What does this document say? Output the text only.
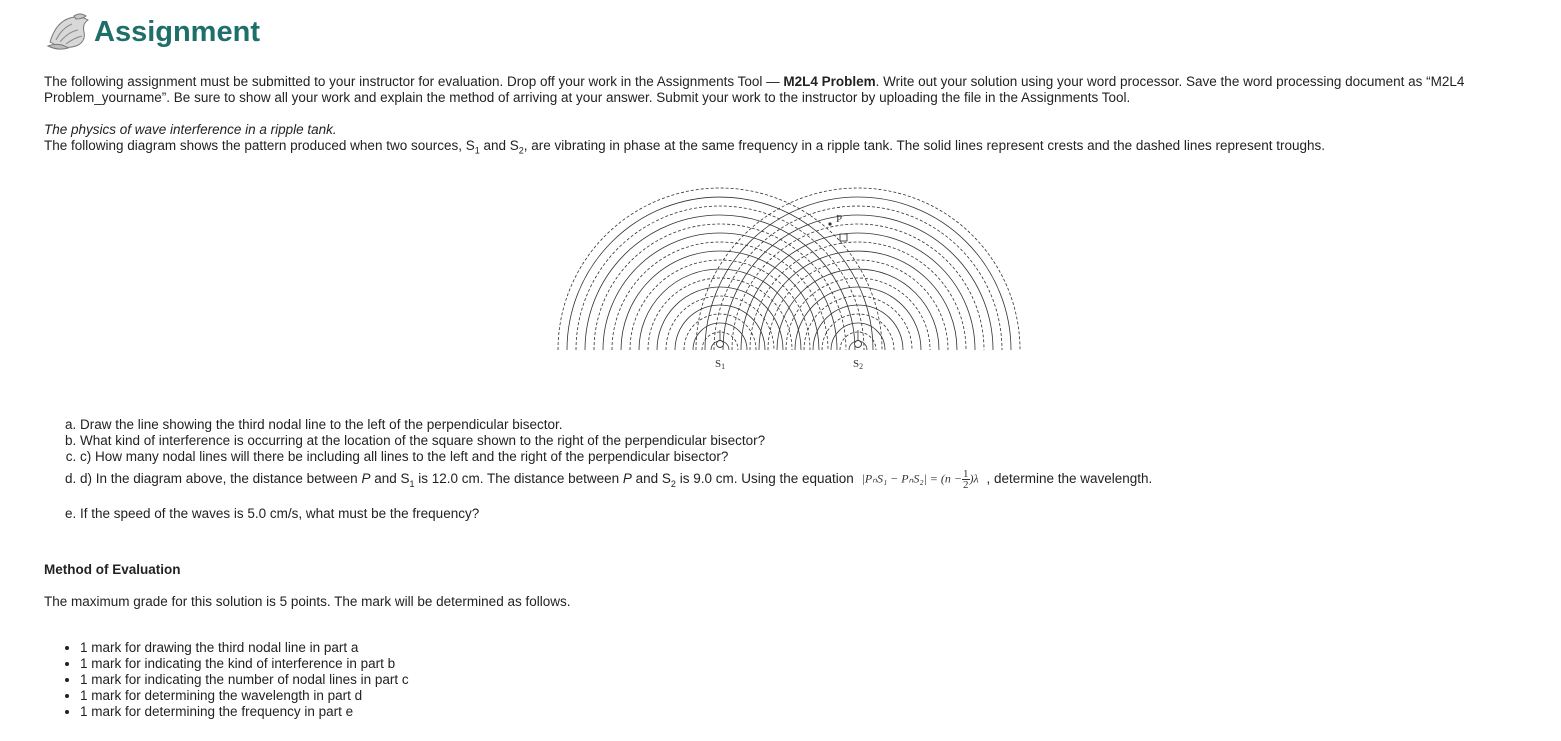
Assignment

The following assignment must be submitted to your instructor for evaluation. Drop off your work in the Assignments Tool — M2L4 Problem. Write out your solution using your word processor. Save the word processing document as “M2L4 Problem_yourname”. Be sure to show all your work and explain the method of arriving at your answer. Submit your work to the instructor by uploading the file in the Assignments Tool.

The physics of wave interference in a ripple tank.
The following diagram shows the pattern produced when two sources, $S_1$ and $S_2$, are vibrating in phase at the same frequency in a ripple tank. The solid lines represent crests and the dashed lines represent troughs.

P
S1	S2
a. Draw the line showing the third nodal line to the left of the perpendicular bisector.
b. What kind of interference is occurring at the location of the square shown to the right of the perpendicular bisector?
c. c) How many nodal lines will there be including all lines to the left and the right of the perpendicular bisector?
d. d) In the diagram above, the distance between P and $S_1$ is 12.0 cm. The distance between P and $S_2$ is 9.0 cm. Using the equation $|P_nS_1 - P_nS_2| = (n - \frac{1}{2} )\lambda$ , determine the wavelength.
e. If the speed of the waves is 5.0 cm/s, what must be the frequency?
Method of Evaluation

The maximum grade for this solution is 5 points. The mark will be determined as follows.

• 1 mark for drawing the third nodal line in part a
• 1 mark for indicating the kind of interference in part b
• 1 mark for indicating the number of nodal lines in part c
• 1 mark for determining the wavelength in part d
• 1 mark for determining the frequency in part e
